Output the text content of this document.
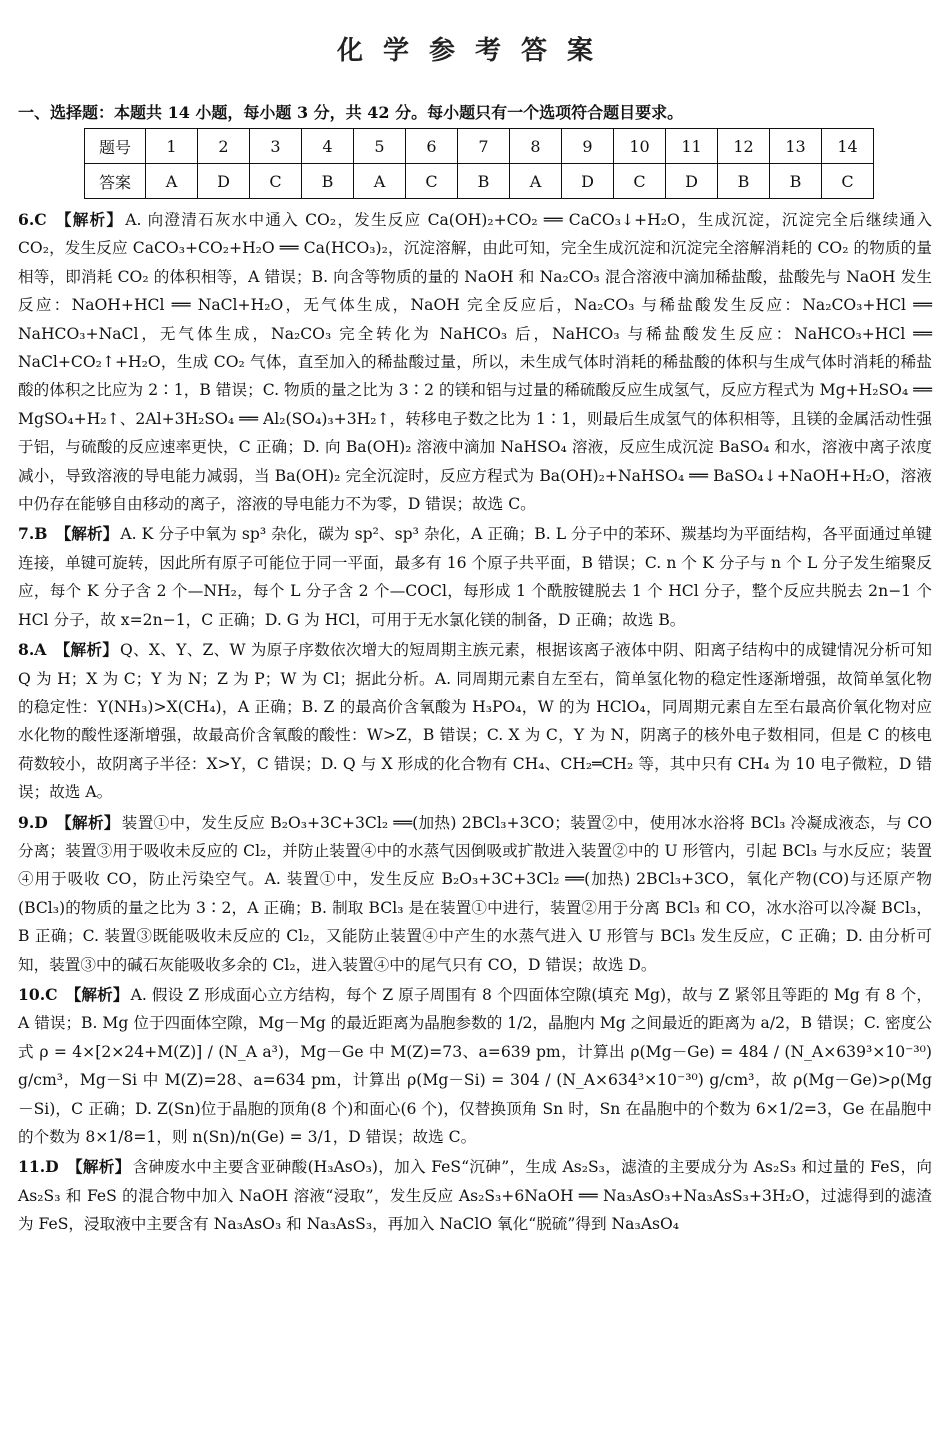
化学参考答案
一、选择题：本题共 14 小题，每小题 3 分，共 42 分。每小题只有一个选项符合题目要求。
题号	1	2	3	4	5	6	7	8	9	10	11	12	13	14
答案	A	D	C	B	A	C	B	A	D	C	D	B	B	C

6.C 【解析】 A. 向澄清石灰水中通入 CO₂，发生反应 Ca(OH)₂+CO₂ ══ CaCO₃↓+H₂O，生成沉淀，沉淀完全后继续通入 CO₂，发生反应 CaCO₃+CO₂+H₂O ══ Ca(HCO₃)₂，沉淀溶解，由此可知，完全生成沉淀和沉淀完全溶解消耗的 CO₂ 的物质的量相等，即消耗 CO₂ 的体积相等，A 错误；B. 向含等物质的量的 NaOH 和 Na₂CO₃ 混合溶液中滴加稀盐酸，盐酸先与 NaOH 发生反应：NaOH+HCl ══ NaCl+H₂O，无气体生成，NaOH 完全反应后，Na₂CO₃ 与稀盐酸发生反应：Na₂CO₃+HCl ══ NaHCO₃+NaCl，无气体生成，Na₂CO₃ 完全转化为 NaHCO₃ 后，NaHCO₃ 与稀盐酸发生反应：NaHCO₃+HCl ══ NaCl+CO₂↑+H₂O，生成 CO₂ 气体，直至加入的稀盐酸过量，所以，未生成气体时消耗的稀盐酸的体积与生成气体时消耗的稀盐酸的体积之比应为 2∶1，B 错误；C. 物质的量之比为 3∶2 的镁和铝与过量的稀硫酸反应生成氢气，反应方程式为 Mg+H₂SO₄ ══ MgSO₄+H₂↑、2Al+3H₂SO₄ ══ Al₂(SO₄)₃+3H₂↑，转移电子数之比为 1∶1，则最后生成氢气的体积相等，且镁的金属活动性强于铝，与硫酸的反应速率更快，C 正确；D. 向 Ba(OH)₂ 溶液中滴加 NaHSO₄ 溶液，反应生成沉淀 BaSO₄ 和水，溶液中离子浓度减小，导致溶液的导电能力减弱，当 Ba(OH)₂ 完全沉淀时，反应方程式为 Ba(OH)₂+NaHSO₄ ══ BaSO₄↓+NaOH+H₂O，溶液中仍存在能够自由移动的离子，溶液的导电能力不为零，D 错误；故选 C。

7.B 【解析】 A. K 分子中氧为 sp³ 杂化，碳为 sp²、sp³ 杂化，A 正确；B. L 分子中的苯环、羰基均为平面结构，各平面通过单键连接，单键可旋转，因此所有原子可能位于同一平面，最多有 16 个原子共平面，B 错误；C. n 个 K 分子与 n 个 L 分子发生缩聚反应，每个 K 分子含 2 个—NH₂，每个 L 分子含 2 个—COCl，每形成 1 个酰胺键脱去 1 个 HCl 分子，整个反应共脱去 2n−1 个 HCl 分子，故 x=2n−1，C 正确；D. G 为 HCl，可用于无水氯化镁的制备，D 正确；故选 B。

8.A 【解析】 Q、X、Y、Z、W 为原子序数依次增大的短周期主族元素，根据该离子液体中阴、阳离子结构中的成键情况分析可知 Q 为 H；X 为 C；Y 为 N；Z 为 P；W 为 Cl；据此分析。A. 同周期元素自左至右，简单氢化物的稳定性逐渐增强，故简单氢化物的稳定性：Y(NH₃)>X(CH₄)，A 正确；B. Z 的最高价含氧酸为 H₃PO₄，W 的为 HClO₄，同周期元素自左至右最高价氧化物对应水化物的酸性逐渐增强，故最高价含氧酸的酸性：W>Z，B 错误；C. X 为 C，Y 为 N，阴离子的核外电子数相同，但是 C 的核电荷数较小，故阴离子半径：X>Y，C 错误；D. Q 与 X 形成的化合物有 CH₄、CH₂═CH₂ 等，其中只有 CH₄ 为 10 电子微粒，D 错误；故选 A。

9.D 【解析】 装置①中，发生反应 B₂O₃+3C+3Cl₂ ══(加热) 2BCl₃+3CO；装置②中，使用冰水浴将 BCl₃ 冷凝成液态，与 CO 分离；装置③用于吸收未反应的 Cl₂，并防止装置④中的水蒸气因倒吸或扩散进入装置②中的 U 形管内，引起 BCl₃ 与水反应；装置④用于吸收 CO，防止污染空气。A. 装置①中，发生反应 B₂O₃+3C+3Cl₂ ══(加热) 2BCl₃+3CO，氧化产物(CO)与还原产物(BCl₃)的物质的量之比为 3∶2，A 正确；B. 制取 BCl₃ 是在装置①中进行，装置②用于分离 BCl₃ 和 CO，冰水浴可以冷凝 BCl₃，B 正确；C. 装置③既能吸收未反应的 Cl₂，又能防止装置④中产生的水蒸气进入 U 形管与 BCl₃ 发生反应，C 正确；D. 由分析可知，装置③中的碱石灰能吸收多余的 Cl₂，进入装置④中的尾气只有 CO，D 错误；故选 D。

10.C 【解析】 A. 假设 Z 形成面心立方结构，每个 Z 原子周围有 8 个四面体空隙(填充 Mg)，故与 Z 紧邻且等距的 Mg 有 8 个，A 错误；B. Mg 位于四面体空隙，Mg－Mg 的最近距离为晶胞参数的 1/2，晶胞内 Mg 之间最近的距离为 a/2，B 错误；C. 密度公式 ρ = 4×[2×24+M(Z)] / (N_A a³)，Mg－Ge 中 M(Z)=73、a=639 pm，计算出 ρ(Mg－Ge) = 484 / (N_A×639³×10⁻³⁰) g/cm³，Mg－Si 中 M(Z)=28、a=634 pm，计算出 ρ(Mg－Si) = 304 / (N_A×634³×10⁻³⁰) g/cm³，故 ρ(Mg－Ge)>ρ(Mg－Si)，C 正确；D. Z(Sn)位于晶胞的顶角(8 个)和面心(6 个)，仅替换顶角 Sn 时，Sn 在晶胞中的个数为 6×1/2=3，Ge 在晶胞中的个数为 8×1/8=1，则 n(Sn)/n(Ge) = 3/1，D 错误；故选 C。

11.D 【解析】 含砷废水中主要含亚砷酸(H₃AsO₃)，加入 FeS“沉砷”，生成 As₂S₃，滤渣的主要成分为 As₂S₃ 和过量的 FeS，向 As₂S₃ 和 FeS 的混合物中加入 NaOH 溶液“浸取”，发生反应 As₂S₃+6NaOH ══ Na₃AsO₃+Na₃AsS₃+3H₂O，过滤得到的滤渣为 FeS，浸取液中主要含有 Na₃AsO₃ 和 Na₃AsS₃，再加入 NaClO 氧化“脱硫”得到 Na₃AsO₄
